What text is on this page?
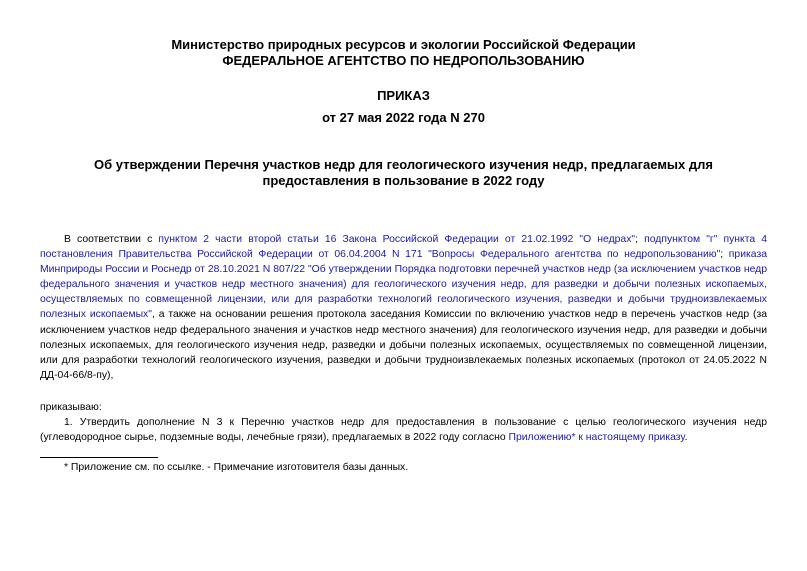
Министерство природных ресурсов и экологии Российской Федерации
ФЕДЕРАЛЬНОЕ АГЕНТСТВО ПО НЕДРОПОЛЬЗОВАНИЮ
ПРИКАЗ
от 27 мая 2022 года N 270
Об утверждении Перечня участков недр для геологического изучения недр, предлагаемых для
предоставления в пользование в 2022 году
В соответствии с пунктом 2 части второй статьи 16 Закона Российской Федерации от 21.02.1992 "О недрах"; подпунктом "г" пункта 4 постановления Правительства Российской Федерации от 06.04.2004 N 171 "Вопросы Федерального агентства по недропользованию"; приказа Минприроды России и Роснедр от 28.10.2021 N 807/22 "Об утверждении Порядка подготовки перечней участков недр (за исключением участков недр федерального значения и участков недр местного значения) для геологического изучения недр, для разведки и добычи полезных ископаемых, осуществляемых по совмещенной лицензии, или для разработки технологий геологического изучения, разведки и добычи трудноизвлекаемых полезных ископаемых", а также на основании решения протокола заседания Комиссии по включению участков недр в перечень участков недр (за исключением участков недр федерального значения и участков недр местного значения) для геологического изучения недр, для разведки и добычи полезных ископаемых, для геологического изучения недр, разведки и добычи полезных ископаемых, осуществляемых по совмещенной лицензии, или для разработки технологий геологического изучения, разведки и добычи трудноизвлекаемых полезных ископаемых (протокол от 24.05.2022 N ДД-04-66/8-пу),
приказываю:
1. Утвердить дополнение N 3 к Перечню участков недр для предоставления в пользование с целью геологического изучения недр (углеводородное сырье, подземные воды, лечебные грязи), предлагаемых в 2022 году согласно Приложению* к настоящему приказу.
* Приложение см. по ссылке. - Примечание изготовителя базы данных.
